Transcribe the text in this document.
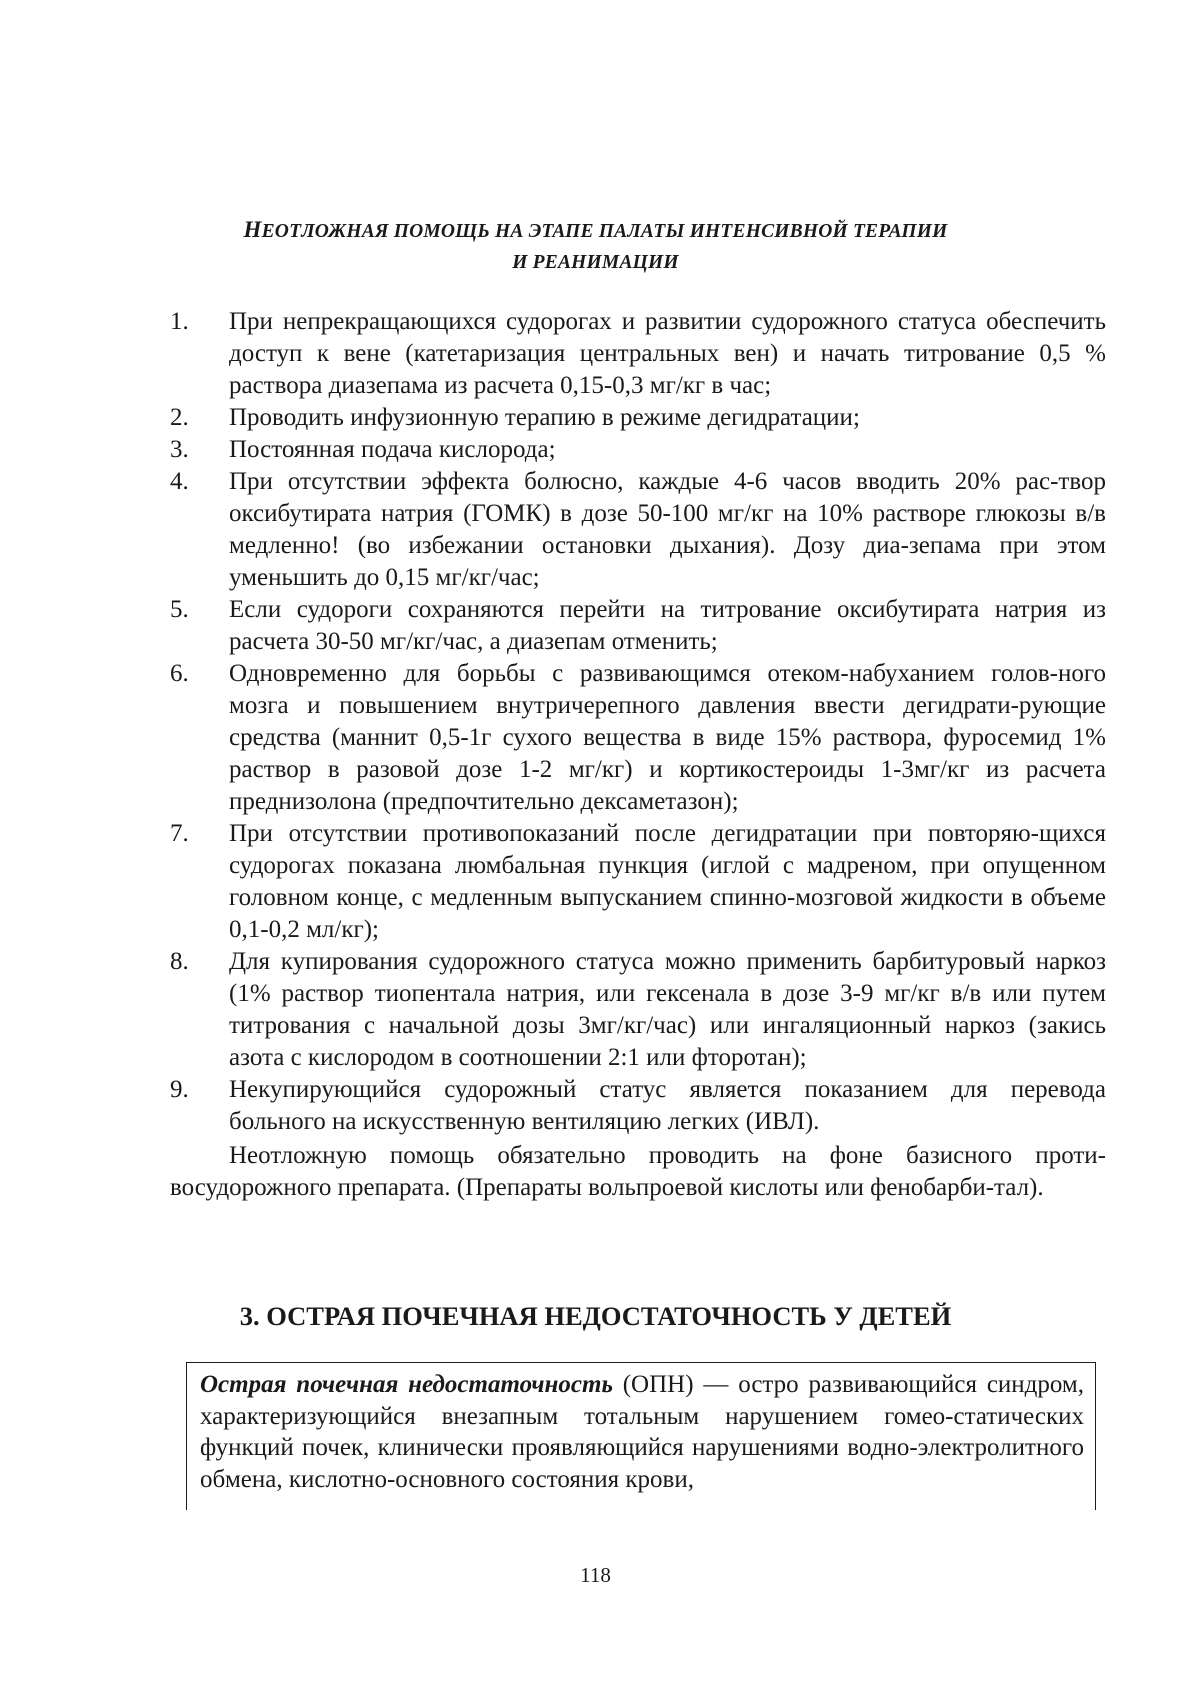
НЕОТЛОЖНАЯ ПОМОЩЬ НА ЭТАПЕ ПАЛАТЫ ИНТЕНСИВНОЙ ТЕРАПИИ
И РЕАНИМАЦИИ
1. При непрекращающихся судорогах и развитии судорожного статуса обеспечить доступ к вене (катетаризация центральных вен) и начать титрование 0,5 % раствора диазепама из расчета 0,15-0,3 мг/кг в час;
2. Проводить инфузионную терапию в режиме дегидратации;
3. Постоянная подача кислорода;
4. При отсутствии эффекта болюсно, каждые 4-6 часов вводить 20% рас-твор оксибутирата натрия (ГОМК) в дозе 50-100 мг/кг на 10% растворе глюкозы в/в медленно! (во избежании остановки дыхания). Дозу диа-зепама при этом уменьшить до 0,15 мг/кг/час;
5. Если судороги сохраняются перейти на титрование оксибутирата натрия из расчета 30-50 мг/кг/час, а диазепам отменить;
6. Одновременно для борьбы с развивающимся отеком-набуханием голов-ного мозга и повышением внутричерепного давления ввести дегидрати-рующие средства (маннит 0,5-1г сухого вещества в виде 15% раствора, фуросемид 1% раствор в разовой дозе 1-2 мг/кг) и кортикостероиды 1-3мг/кг из расчета преднизолона (предпочтительно дексаметазон);
7. При отсутствии противопоказаний после дегидратации при повторяю-щихся судорогах показана люмбальная пункция (иглой с мадреном, при опущенном головном конце, с медленным выпусканием спинно-мозговой жидкости в объеме 0,1-0,2 мл/кг);
8. Для купирования судорожного статуса можно применить барбитуровый наркоз (1% раствор тиопентала натрия, или гексенала в дозе 3-9 мг/кг в/в или путем титрования с начальной дозы 3мг/кг/час) или ингаляционный наркоз (закись азота с кислородом в соотношении 2:1 или фторотан);
9. Некупирующийся судорожный статус является показанием для перевода больного на искусственную вентиляцию легких (ИВЛ).

Неотложную помощь обязательно проводить на фоне базисного проти-восудорожного препарата. (Препараты вольпроевой кислоты или фенобарби-тал).

3. ОСТРАЯ ПОЧЕЧНАЯ НЕДОСТАТОЧНОСТЬ У ДЕТЕЙ
Острая почечная недостаточность (ОПН) — остро развивающийся синдром, характеризующийся внезапным тотальным нарушением гомео-статических функций почек, клинически проявляющийся нарушениями водно-электролитного обмена, кислотно-основного состояния крови,
118
